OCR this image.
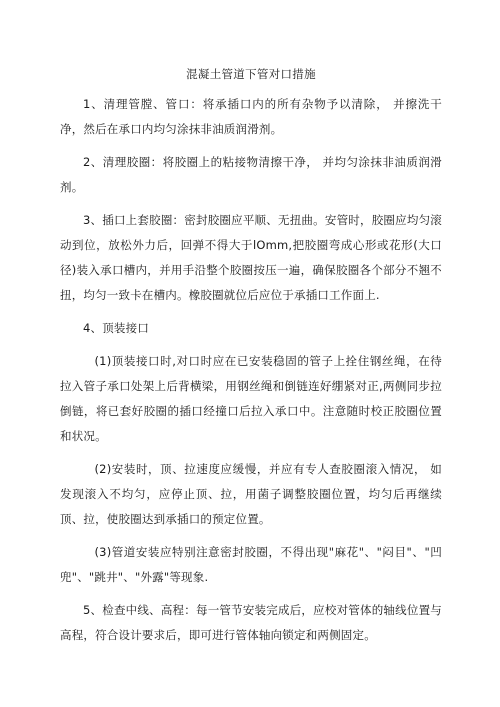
混凝土管道下管对口措施

1、清理管膛、管口：将承插口内的所有杂物予以清除， 并擦洗干净，然后在承口内均匀涂抹非油质润滑剂。

2、清理胶圈：将胶圈上的粘接物清擦干净， 并均匀涂抹非油质润滑剂。

3、插口上套胶圈：密封胶圈应平顺、无扭曲。安管时，胶圈应均匀滚动到位，放松外力后，回弹不得大于lOmm,把胶圈弯成心形或花形(大口径)装入承口槽内，并用手沿整个胶圈按压一遍，确保胶圈各个部分不翘不扭，均匀一致卡在槽内。橡胶圈就位后应位于承插口工作面上.

4、顶装接口

(1)顶装接口时,对口时应在已安装稳固的管子上拴住钢丝绳，在待拉入管子承口处架上后背横梁，用钢丝绳和倒链连好绷紧对正,两侧同步拉倒链，将已套好胶圈的插口经撞口后拉入承口中。注意随时校正胶圈位置和状况。

(2)安装时，顶、拉速度应缓慢，并应有专人查胶圈滚入情况， 如发现滚入不均匀，应停止顶、拉，用菌子调整胶圈位置，均匀后再继续顶、拉，使胶圈达到承插口的预定位置。

(3)管道安装应特别注意密封胶圈，不得出现"麻花"、"闷目"、"凹兜"、"跳井"、"外露"等现象.

5、检查中线、高程：每一管节安装完成后，应校对管体的轴线位置与高程，符合设计要求后，即可进行管体轴向锁定和两侧固定。
